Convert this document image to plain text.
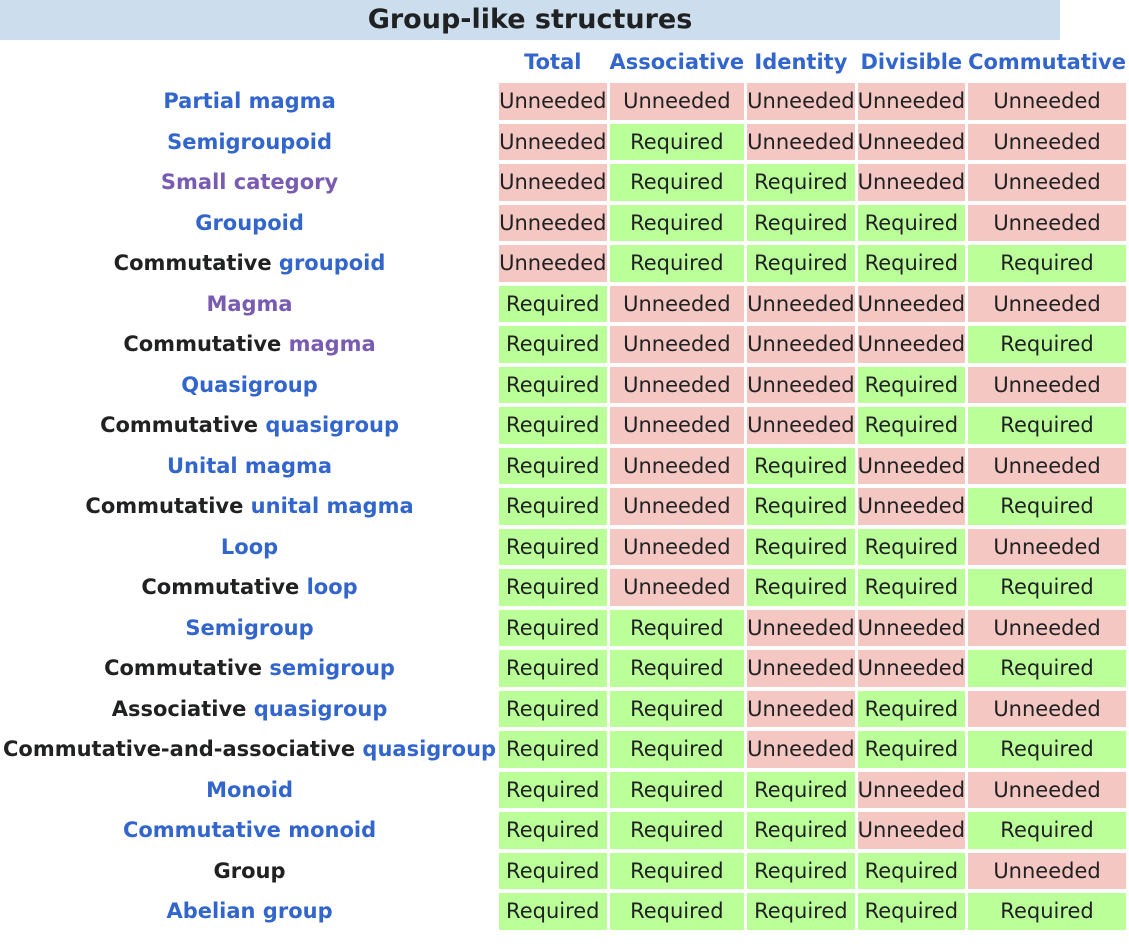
Group-like structures
	Total	Associative	Identity	Divisible	Commutative
Partial magma	Unneeded	Unneeded	Unneeded	Unneeded	Unneeded
Semigroupoid	Unneeded	Required	Unneeded	Unneeded	Unneeded
Small category	Unneeded	Required	Required	Unneeded	Unneeded
Groupoid	Unneeded	Required	Required	Required	Unneeded
Commutative groupoid	Unneeded	Required	Required	Required	Required
Magma	Required	Unneeded	Unneeded	Unneeded	Unneeded
Commutative magma	Required	Unneeded	Unneeded	Unneeded	Required
Quasigroup	Required	Unneeded	Unneeded	Required	Unneeded
Commutative quasigroup	Required	Unneeded	Unneeded	Required	Required
Unital magma	Required	Unneeded	Required	Unneeded	Unneeded
Commutative unital magma	Required	Unneeded	Required	Unneeded	Required
Loop	Required	Unneeded	Required	Required	Unneeded
Commutative loop	Required	Unneeded	Required	Required	Required
Semigroup	Required	Required	Unneeded	Unneeded	Unneeded
Commutative semigroup	Required	Required	Unneeded	Unneeded	Required
Associative quasigroup	Required	Required	Unneeded	Required	Unneeded
Commutative-and-associative quasigroup	Required	Required	Unneeded	Required	Required
Monoid	Required	Required	Required	Unneeded	Unneeded
Commutative monoid	Required	Required	Required	Unneeded	Required
Group	Required	Required	Required	Required	Unneeded
Abelian group	Required	Required	Required	Required	Required
